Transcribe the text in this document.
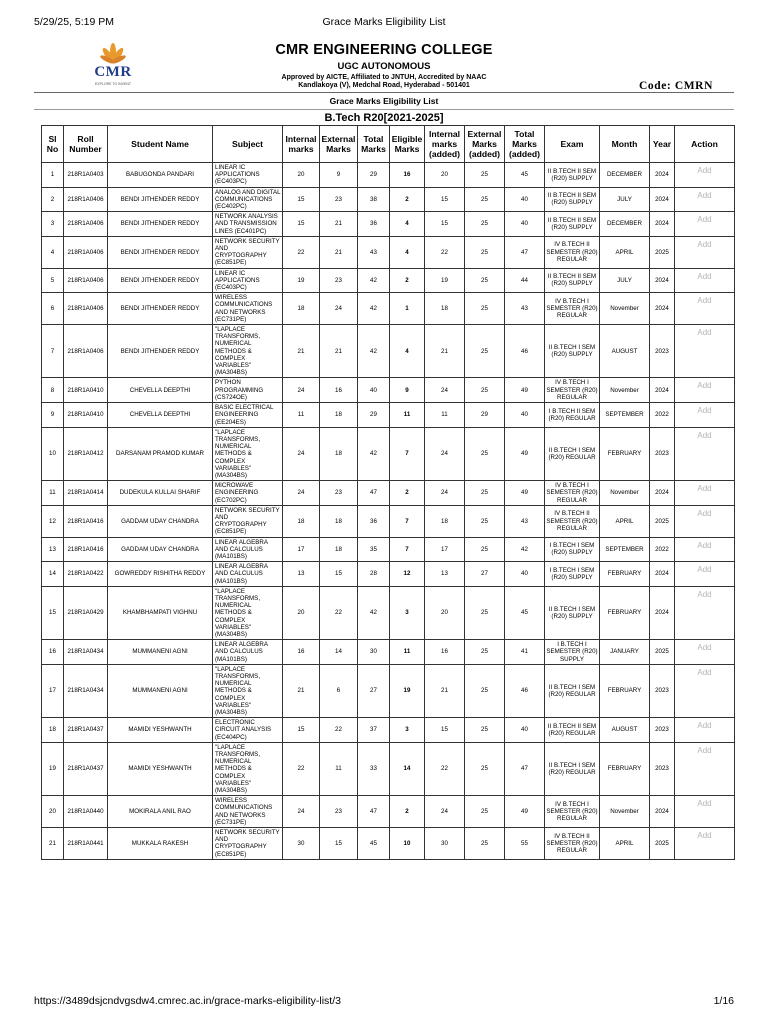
5/29/25, 5:19 PM	Grace Marks Eligibility List
CMR
EXPLORE TO INVENT
CMR ENGINEERING COLLEGE
UGC AUTONOMOUS
Approved by AICTE, Affiliated to JNTUH, Accredited by NAAC
Kandlakoya (V), Medchal Road, Hyderabad - 501401	Code: CMRN
Grace Marks Eligibility List
B.Tech R20[2021-2025]
Sl No	Roll Number	Student Name	Subject	Internal marks	External Marks	Total Marks	Eligible Marks	Internal marks (added)	External Marks (added)	Total Marks (added)	Exam	Month	Year	Action
1	218R1A0403	BABUGONDA PANDARI	LINEAR IC APPLICATIONS (EC403PC)	20	9	29	16	20	25	45	II B.TECH II SEM (R20) SUPPLY	DECEMBER	2024	Add
2	218R1A0406	BENDI JITHENDER REDDY	ANALOG AND DIGITAL COMMUNICATIONS (EC402PC)	15	23	38	2	15	25	40	II B.TECH II SEM (R20) SUPPLY	JULY	2024	Add
3	218R1A0406	BENDI JITHENDER REDDY	NETWORK ANALYSIS AND TRANSMISSION LINES (EC401PC)	15	21	36	4	15	25	40	II B.TECH II SEM (R20) SUPPLY	DECEMBER	2024	Add
4	218R1A0406	BENDI JITHENDER REDDY	NETWORK SECURITY AND CRYPTOGRAPHY (EC851PE)	22	21	43	4	22	25	47	IV B.TECH II SEMESTER (R20) REGULAR	APRIL	2025	Add
5	218R1A0406	BENDI JITHENDER REDDY	LINEAR IC APPLICATIONS (EC403PC)	19	23	42	2	19	25	44	II B.TECH II SEM (R20) SUPPLY	JULY	2024	Add
6	218R1A0406	BENDI JITHENDER REDDY	WIRELESS COMMUNICATIONS AND NETWORKS (EC731PE)	18	24	42	1	18	25	43	IV B.TECH I SEMESTER (R20) REGULAR	November	2024	Add
7	218R1A0406	BENDI JITHENDER REDDY	"LAPLACE TRANSFORMS, NUMERICAL METHODS & COMPLEX VARIABLES" (MA304BS)	21	21	42	4	21	25	46	II B.TECH I SEM (R20) SUPPLY	AUGUST	2023	Add
8	218R1A0410	CHEVELLA DEEPTHI	PYTHON PROGRAMMING (CS724OE)	24	16	40	9	24	25	49	IV B.TECH I SEMESTER (R20) REGULAR	November	2024	Add
9	218R1A0410	CHEVELLA DEEPTHI	BASIC ELECTRICAL ENGINEERING (EE204ES)	11	18	29	11	11	29	40	I B.TECH II SEM (R20) REGULAR	SEPTEMBER	2022	Add
10	218R1A0412	DARSANAM PRAMOD KUMAR	"LAPLACE TRANSFORMS, NUMERICAL METHODS & COMPLEX VARIABLES" (MA304BS)	24	18	42	7	24	25	49	II B.TECH I SEM (R20) REGULAR	FEBRUARY	2023	Add
11	218R1A0414	DUDEKULA KULLAI SHARIF	MICROWAVE ENGINEERING (EC702PC)	24	23	47	2	24	25	49	IV B.TECH I SEMESTER (R20) REGULAR	November	2024	Add
12	218R1A0416	GADDAM UDAY CHANDRA	NETWORK SECURITY AND CRYPTOGRAPHY (EC851PE)	18	18	36	7	18	25	43	IV B.TECH II SEMESTER (R20) REGULAR	APRIL	2025	Add
13	218R1A0416	GADDAM UDAY CHANDRA	LINEAR ALGEBRA AND CALCULUS (MA101BS)	17	18	35	7	17	25	42	I B.TECH I SEM (R20) SUPPLY	SEPTEMBER	2022	Add
14	218R1A0422	GOWREDDY RISHITHA REDDY	LINEAR ALGEBRA AND CALCULUS (MA101BS)	13	15	28	12	13	27	40	I B.TECH I SEM (R20) SUPPLY	FEBRUARY	2024	Add
15	218R1A0429	KHAMBHAMPATI VIGHNU	"LAPLACE TRANSFORMS, NUMERICAL METHODS & COMPLEX VARIABLES" (MA304BS)	20	22	42	3	20	25	45	II B.TECH I SEM (R20) SUPPLY	FEBRUARY	2024	Add
16	218R1A0434	MUMMANENI AGNI	LINEAR ALGEBRA AND CALCULUS (MA101BS)	16	14	30	11	16	25	41	I B.TECH I SEMESTER (R20) SUPPLY	JANUARY	2025	Add
17	218R1A0434	MUMMANENI AGNI	"LAPLACE TRANSFORMS, NUMERICAL METHODS & COMPLEX VARIABLES" (MA304BS)	21	6	27	19	21	25	46	II B.TECH I SEM (R20) REGULAR	FEBRUARY	2023	Add
18	218R1A0437	MAMIDI YESHWANTH	ELECTRONIC CIRCUIT ANALYSIS (EC404PC)	15	22	37	3	15	25	40	II B.TECH II SEM (R20) REGULAR	AUGUST	2023	Add
19	218R1A0437	MAMIDI YESHWANTH	"LAPLACE TRANSFORMS, NUMERICAL METHODS & COMPLEX VARIABLES" (MA304BS)	22	11	33	14	22	25	47	II B.TECH I SEM (R20) REGULAR	FEBRUARY	2023	Add
20	218R1A0440	MOKIRALA ANIL RAO	WIRELESS COMMUNICATIONS AND NETWORKS (EC731PE)	24	23	47	2	24	25	49	IV B.TECH I SEMESTER (R20) REGULAR	November	2024	Add
21	218R1A0441	MUKKALA RAKESH	NETWORK SECURITY AND CRYPTOGRAPHY (EC851PE)	30	15	45	10	30	25	55	IV B.TECH II SEMESTER (R20) REGULAR	APRIL	2025	Add
https://3489dsjcndvgsdw4.cmrec.ac.in/grace-marks-eligibility-list/3	1/16
